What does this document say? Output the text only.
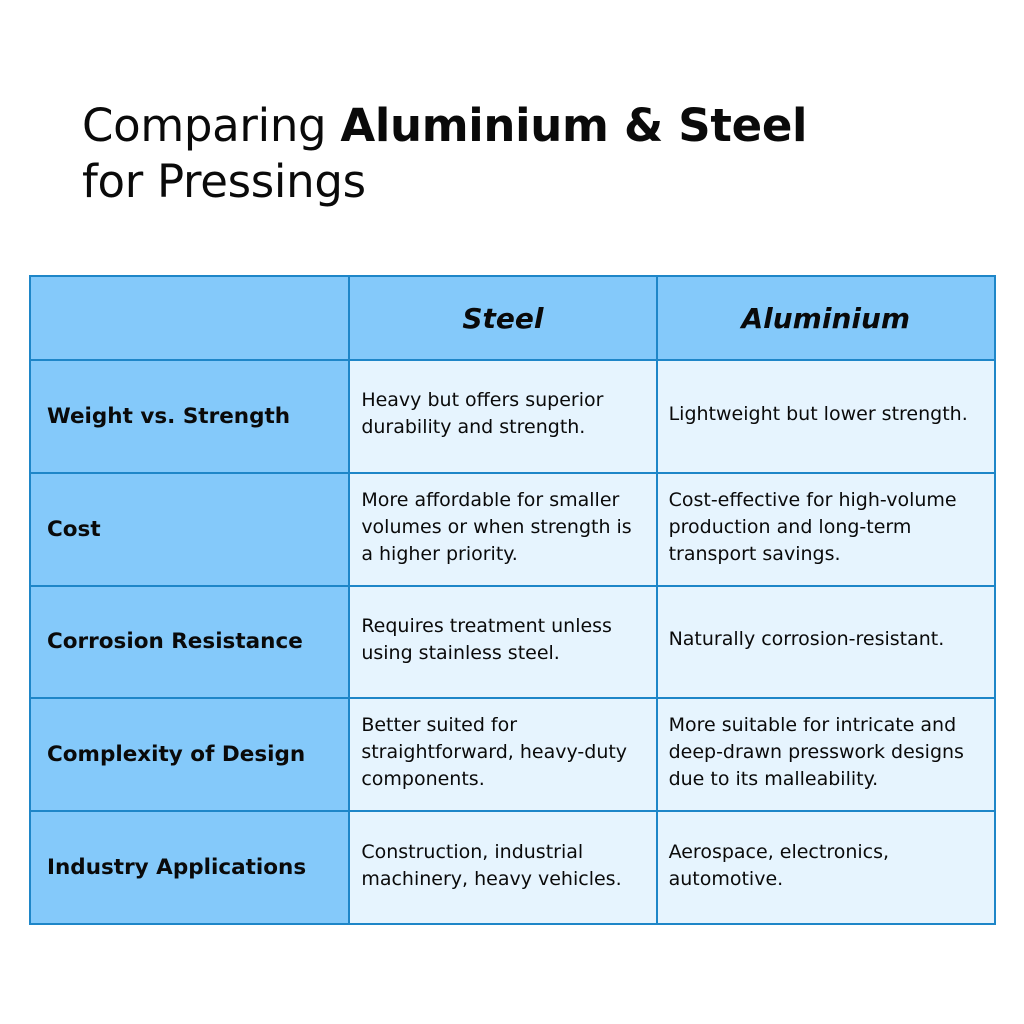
Comparing Aluminium & Steel
for Pressings
	Steel	Aluminium
Weight vs. Strength	Heavy but offers superior durability and strength.	Lightweight but lower strength.
Cost	More affordable for smaller volumes or when strength is a higher priority.	Cost-effective for high-volume production and long-term transport savings.
Corrosion Resistance	Requires treatment unless using stainless steel.	Naturally corrosion-resistant.
Complexity of Design	Better suited for straightforward, heavy-duty components.	More suitable for intricate and deep-drawn presswork designs due to its malleability.
Industry Applications	Construction, industrial machinery, heavy vehicles.	Aerospace, electronics, automotive.
